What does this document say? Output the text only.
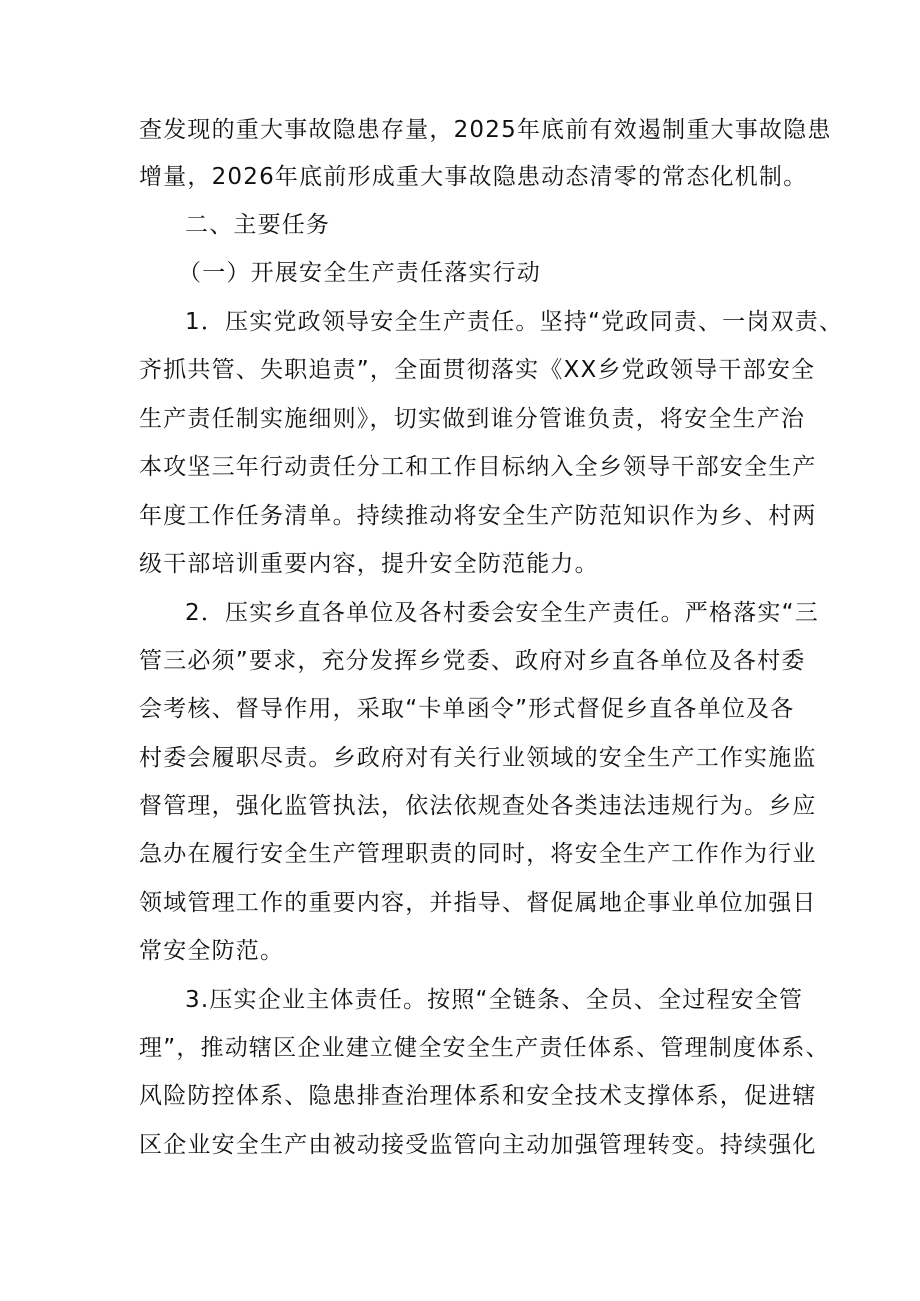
查发现的重大事故隐患存量，2025年底前有效遏制重大事故隐患
增量，2026年底前形成重大事故隐患动态清零的常态化机制。
二、主要任务
（一）开展安全生产责任落实行动
1．压实党政领导安全生产责任。坚持“党政同责、一岗双责、
齐抓共管、失职追责”，全面贯彻落实《XX乡党政领导干部安全
生产责任制实施细则》，切实做到谁分管谁负责，将安全生产治
本攻坚三年行动责任分工和工作目标纳入全乡领导干部安全生产
年度工作任务清单。持续推动将安全生产防范知识作为乡、村两
级干部培训重要内容，提升安全防范能力。
2．压实乡直各单位及各村委会安全生产责任。严格落实“三
管三必须”要求，充分发挥乡党委、政府对乡直各单位及各村委
会考核、督导作用，采取“卡单函令”形式督促乡直各单位及各
村委会履职尽责。乡政府对有关行业领域的安全生产工作实施监
督管理，强化监管执法，依法依规查处各类违法违规行为。乡应
急办在履行安全生产管理职责的同时，将安全生产工作作为行业
领域管理工作的重要内容，并指导、督促属地企事业单位加强日
常安全防范。
3.压实企业主体责任。按照“全链条、全员、全过程安全管
理”，推动辖区企业建立健全安全生产责任体系、管理制度体系、
风险防控体系、隐患排查治理体系和安全技术支撑体系，促进辖
区企业安全生产由被动接受监管向主动加强管理转变。持续强化
